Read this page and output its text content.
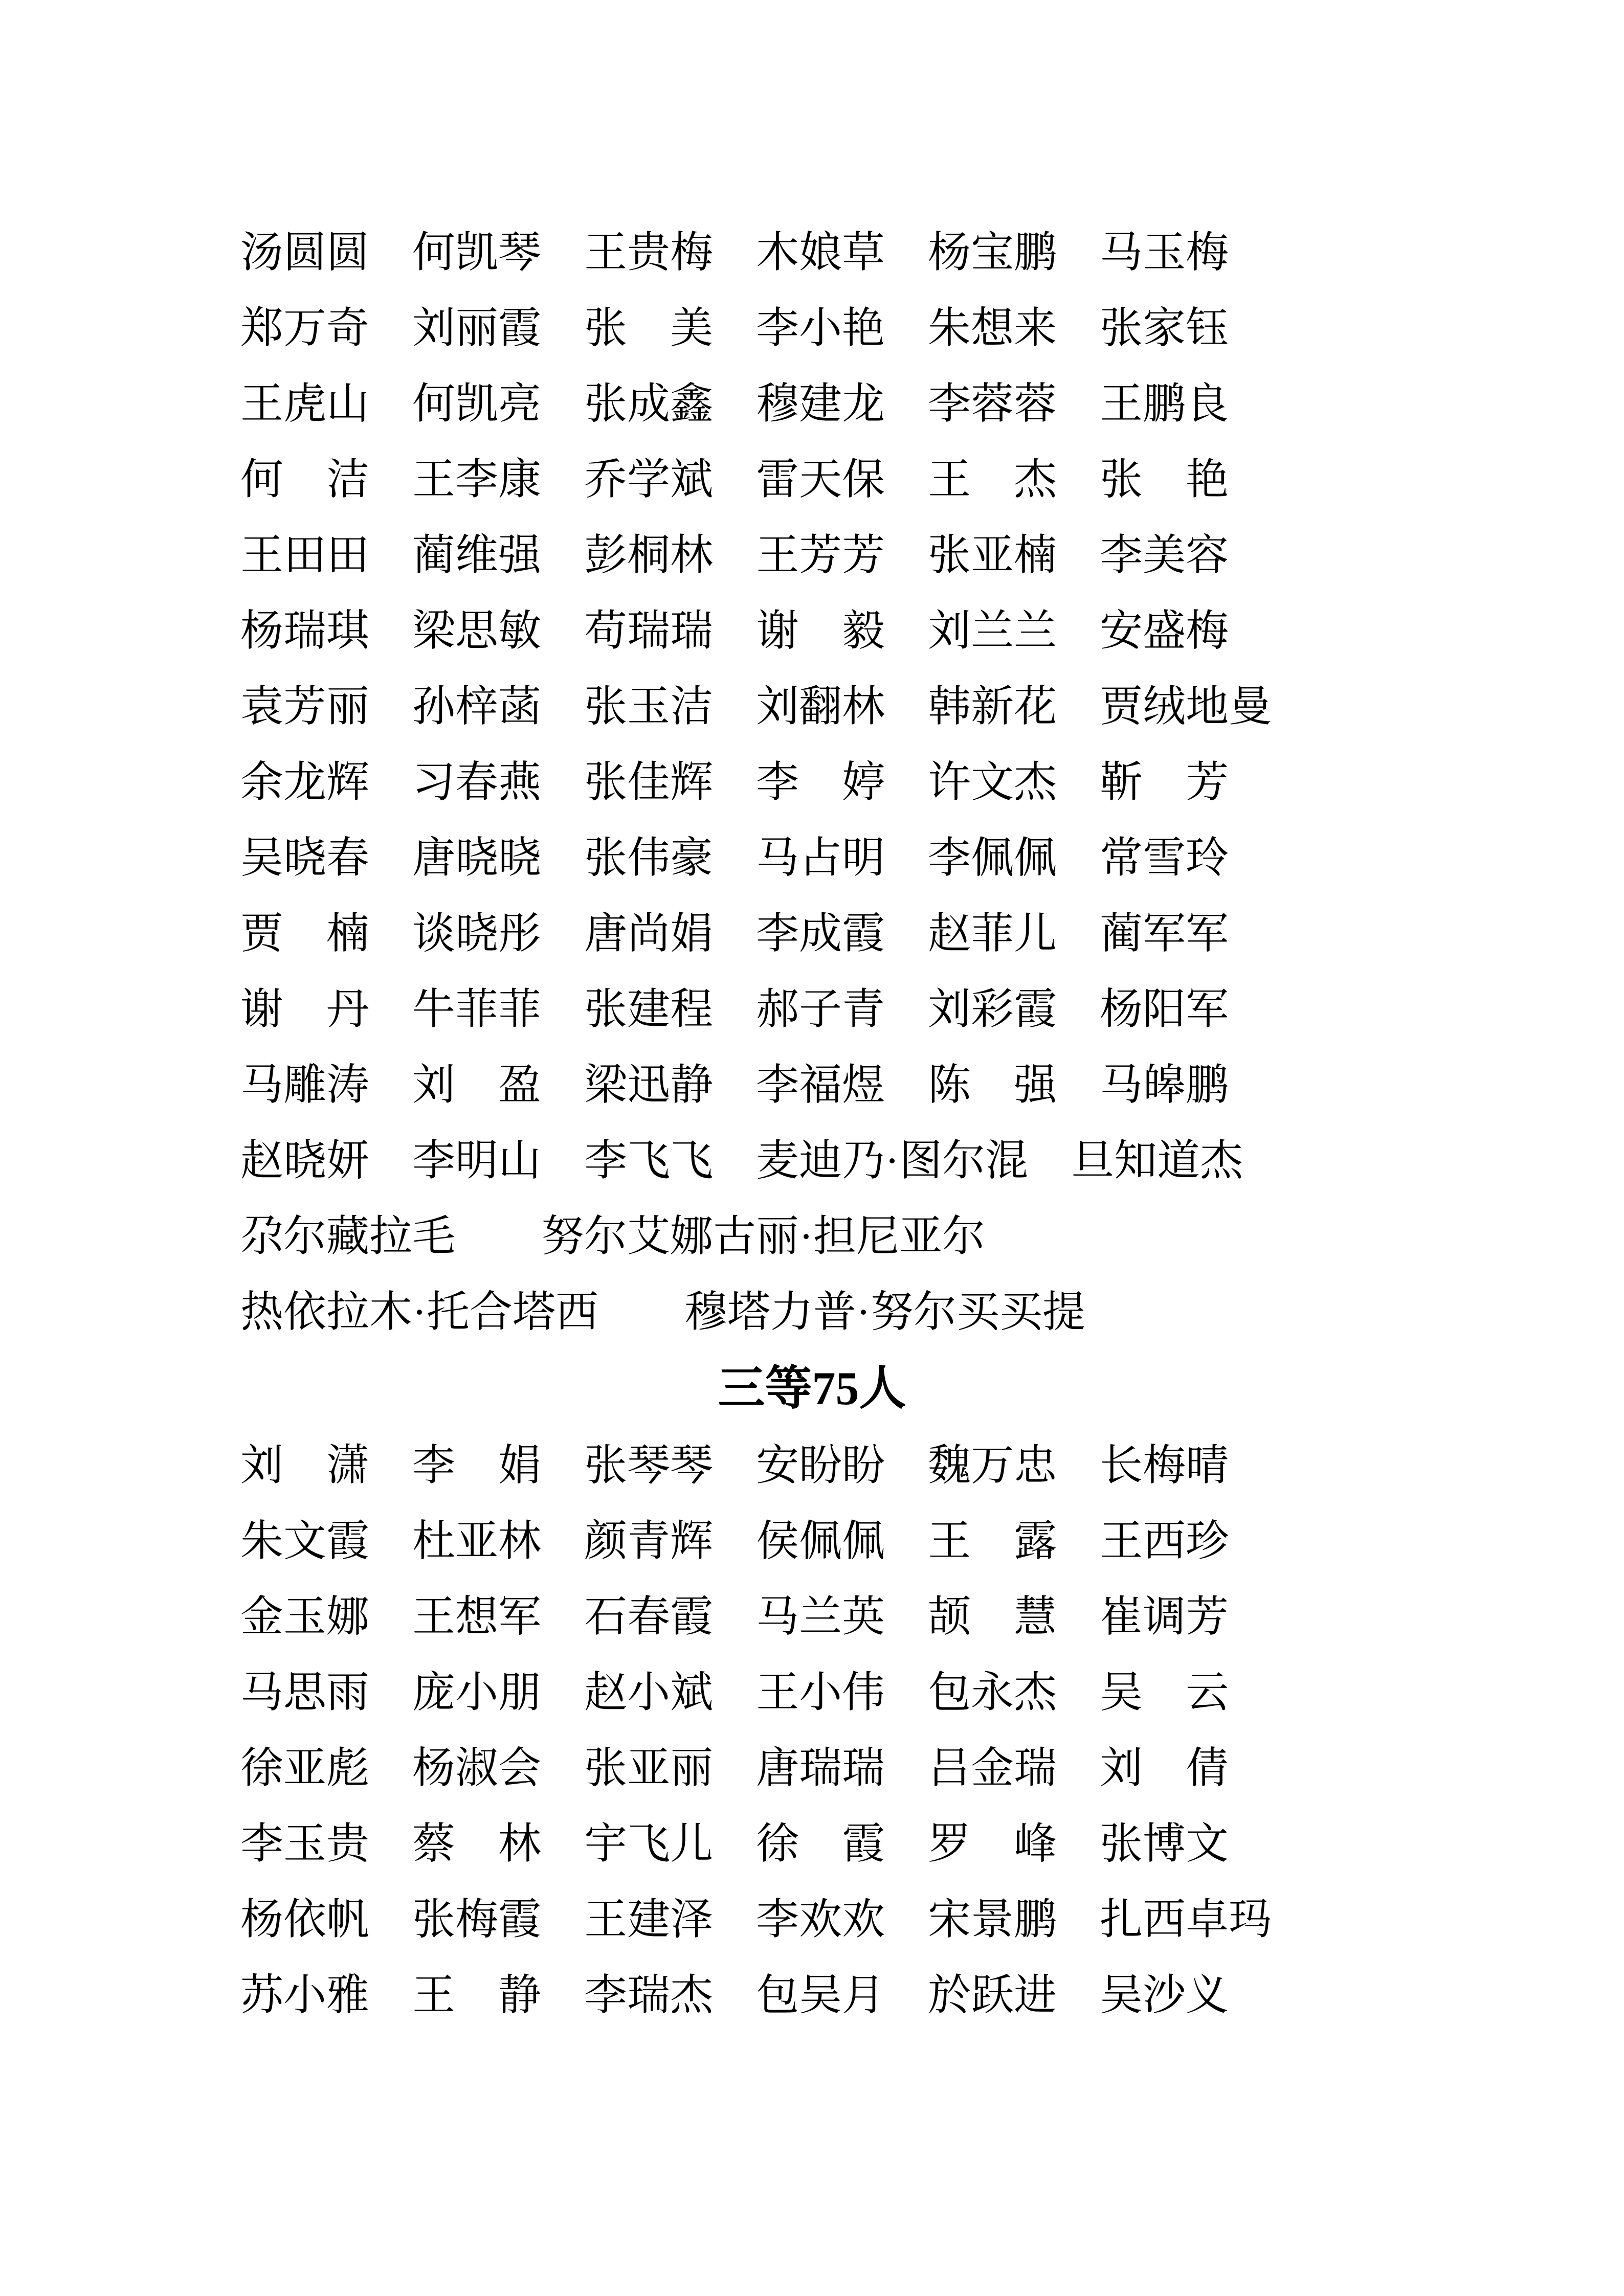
汤圆圆　 何凯琴　 王贵梅　 木娘草　 杨宝鹏　 马玉梅
郑万奇　 刘丽霞　 张　美　 李小艳　 朱想来　 张家钰
王虎山　 何凯亮　 张成鑫　 穆建龙　 李蓉蓉　 王鹏良
何　洁　 王李康　 乔学斌　 雷天保　 王　杰　 张　艳
王田田　 蔺维强　 彭桐林　 王芳芳　 张亚楠　 李美容
杨瑞琪　 梁思敏　 苟瑞瑞　 谢　毅　 刘兰兰　 安盛梅
袁芳丽　 孙梓菡　 张玉洁　 刘翻林　 韩新花　 贾绒地曼
余龙辉　 习春燕　 张佳辉　 李　婷　 许文杰　 靳　芳
吴晓春　 唐晓晓　 张伟豪　 马占明　 李佩佩　 常雪玲
贾　楠　 谈晓彤　 唐尚娟　 李成霞　 赵菲儿　 蔺军军
谢　丹　 牛菲菲　 张建程　 郝子青　 刘彩霞　 杨阳军
马雕涛　 刘　盈　 梁迅静　 李福煜　 陈　强　 马皞鹏
赵晓妍　 李明山　 李飞飞　 麦迪乃·图尔混　 旦知道杰
尕尔藏拉毛　　 努尔艾娜古丽·担尼亚尔
热依拉木·托合塔西　　 穆塔力普·努尔买买提
三等75人
刘　潇　 李　娟　 张琴琴　 安盼盼　 魏万忠　 长梅晴
朱文霞　 杜亚林　 颜青辉　 侯佩佩　 王　露　 王西珍
金玉娜　 王想军　 石春霞　 马兰英　 颉　慧　 崔调芳
马思雨　 庞小朋　 赵小斌　 王小伟　 包永杰　 吴　云
徐亚彪　 杨淑会　 张亚丽　 唐瑞瑞　 吕金瑞　 刘　倩
李玉贵　 蔡　林　 宇飞儿　 徐　霞　 罗　峰　 张博文
杨依帆　 张梅霞　 王建泽　 李欢欢　 宋景鹏　 扎西卓玛
苏小雅　 王　静　 李瑞杰　 包吴月　 於跃进　 吴沙义
